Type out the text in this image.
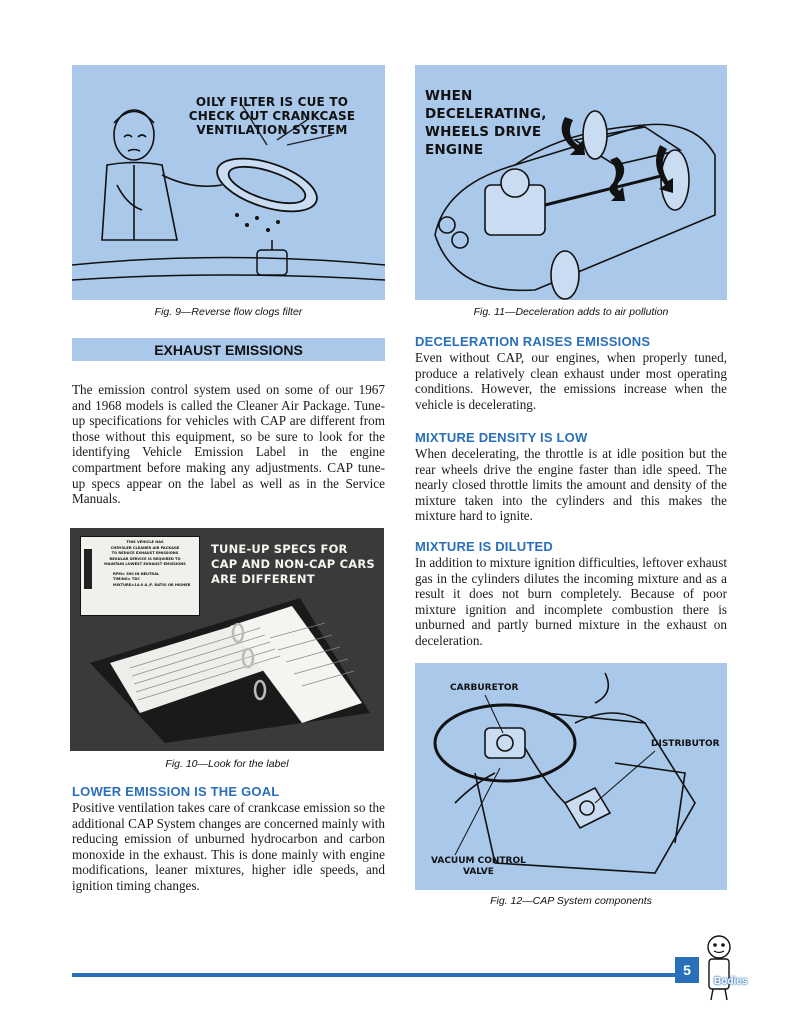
OILY FILTER IS CUE TO CHECK OUT CRANKCASE VENTILATION SYSTEM
Fig. 9—Reverse flow clogs filter
WHEN DECELERATING, WHEELS DRIVE ENGINE
Fig. 11—Deceleration adds to air pollution
EXHAUST EMISSIONS
The emission control system used on some of our 1967 and 1968 models is called the Cleaner Air Package. Tune-up specifications for vehicles with CAP are different from those without this equipment, so be sure to look for the identifying Vehicle Emission Label in the engine compartment before making any adjustments. CAP tune-up specs appear on the label as well as in the Service Manuals.
THIS VEHICLE HAS
CHRYSLER CLEANER AIR PACKAGE
TO REDUCE EXHAUST EMISSIONS
REGULAR SERVICE IS REQUIRED TO
MAINTAIN LOWEST EXHAUST EMISSIONS
RPM= 500 IN NEUTRAL
TIMING= TDC
MIXTURE=14.0 A./F. RATIO OR HIGHER
TUNE-UP SPECS FOR CAP AND NON-CAP CARS ARE DIFFERENT
Fig. 10—Look for the label
LOWER EMISSION IS THE GOAL
Positive ventilation takes care of crankcase emission so the additional CAP System changes are concerned mainly with reducing emission of unburned hydrocarbon and carbon monoxide in the exhaust. This is done mainly with engine modifications, leaner mixtures, higher idle speeds, and ignition timing changes.
DECELERATION RAISES EMISSIONS
Even without CAP, our engines, when properly tuned, produce a relatively clean exhaust under most operating conditions. However, the emissions increase when the vehicle is decelerating.
MIXTURE DENSITY IS LOW
When decelerating, the throttle is at idle position but the rear wheels drive the engine faster than idle speed. The nearly closed throttle limits the amount and density of the mixture taken into the cylinders and this makes the mixture hard to ignite.
MIXTURE IS DILUTED
In addition to mixture ignition difficulties, leftover exhaust gas in the cylinders dilutes the incoming mixture and as a result it does not burn completely. Because of poor mixture ignition and incomplete combustion there is unburned and partly burned mixture in the exhaust on deceleration.
CARBURETOR
DISTRIBUTOR
VACUUM CONTROL
VALVE
Fig. 12—CAP System components
5
Bodies
